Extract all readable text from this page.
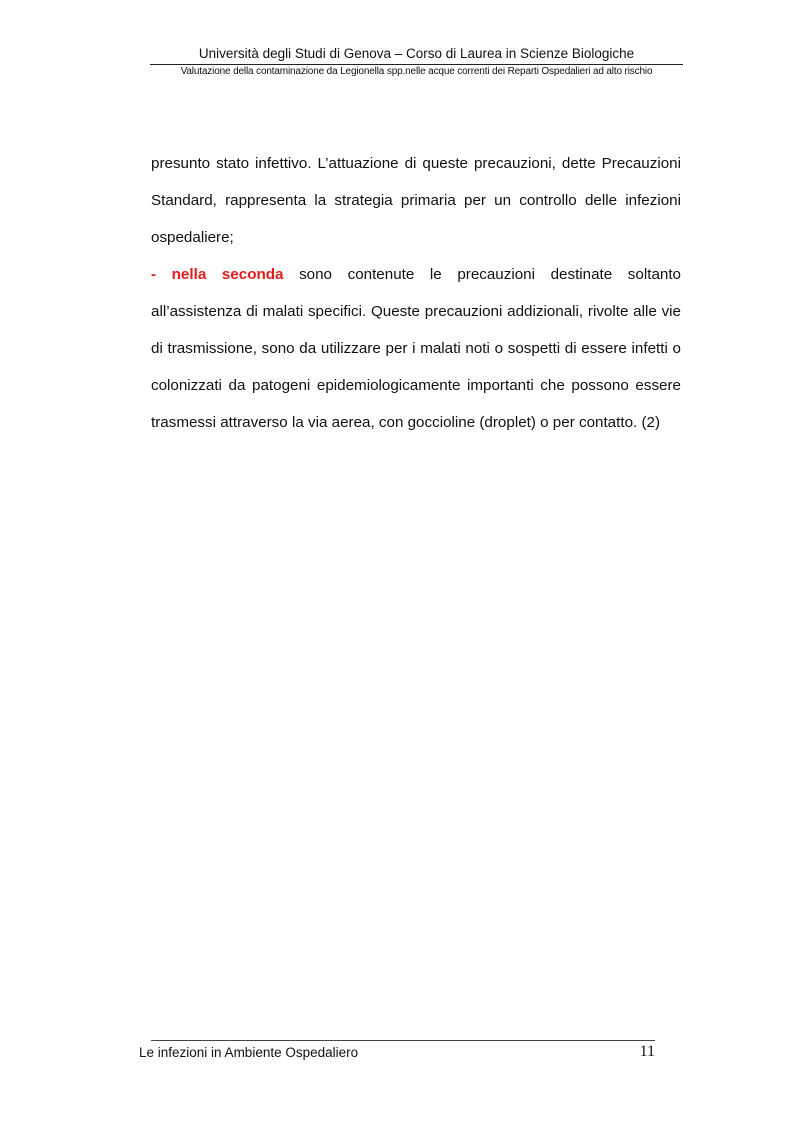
Università degli Studi di Genova – Corso di Laurea in Scienze Biologiche
Valutazione della contaminazione da Legionella spp.nelle acque correnti dei Reparti Ospedalieri ad alto rischio

presunto stato infettivo. L’attuazione di queste precauzioni, dette Precauzioni Standard, rappresenta la strategia primaria per un controllo delle infezioni ospedaliere;

- nella seconda sono contenute le precauzioni destinate soltanto all’assistenza di malati specifici. Queste precauzioni addizionali, rivolte alle vie di trasmissione, sono da utilizzare per i malati noti o sospetti di essere infetti o colonizzati da patogeni epidemiologicamente importanti che possono essere trasmessi attraverso la via aerea, con goccioline (droplet) o per contatto. (2)

Le infezioni in Ambiente Ospedaliero	11
